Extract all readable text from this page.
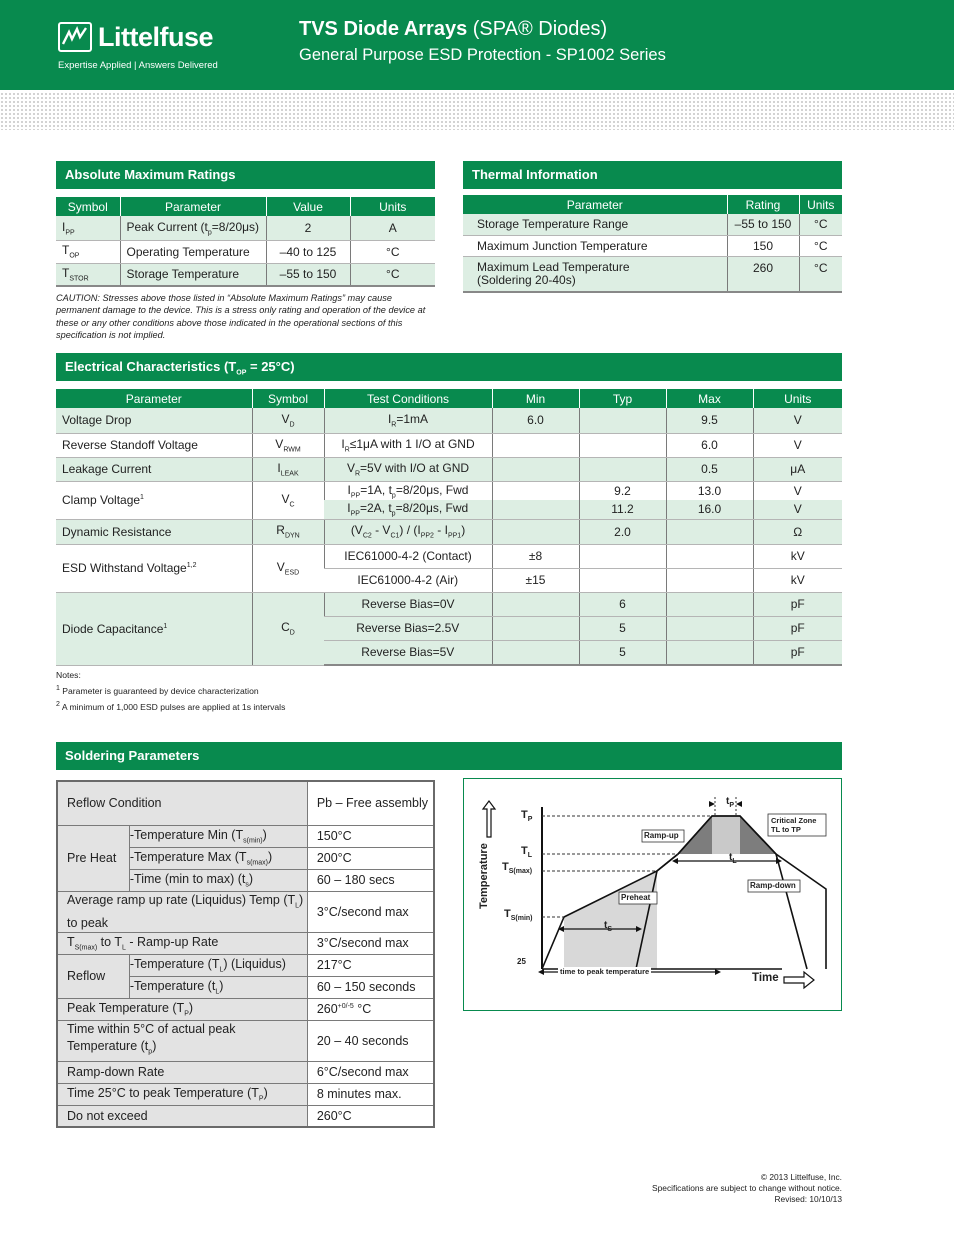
Littelfuse
Expertise Applied | Answers Delivered
TVS Diode Arrays (SPA® Diodes)
General Purpose ESD Protection - SP1002 Series
Absolute Maximum Ratings
Symbol	Parameter	Value	Units
$I_{PP}$	Peak Current $(t_p=8/20\mu s)$	2	A
$T_{OP}$	Operating Temperature	–40 to 125	°C
$T_{STOR}$	Storage Temperature	–55 to 150	°C
CAUTION: Stresses above those listed in “Absolute Maximum Ratings” may cause permanent damage to the device. This is a stress only rating and operation of the device at these or any other conditions above those indicated in the operational sections of this specification is not implied.
Thermal Information
Parameter	Rating	Units
Storage Temperature Range	–55 to 150	°C
Maximum Junction Temperature	150	°C

Maximum Lead Temperature
(Soldering 20-40s)	260	°C
Electrical Characteristics $(T_{OP} = 25^\circ C)$
Parameter	Symbol	Test Conditions	Min	Typ	Max	Units
Voltage Drop	$V_D$	$I_R=1mA$	6.0		9.5	V
Reverse Standoff Voltage	$V_{RWM}$	$I_R\le 1\mu A$ with 1 I/O at GND			6.0	V
Leakage Current	$I_{LEAK}$	$V_R=5V$ with I/O at GND			0.5	μA
Clamp Voltage$^1$	$V_C$	$I_{PP}=1A$, $t_p=8/20\mu s$, Fwd		9.2	13.0	V
		$I_{PP}=2A$, $t_p=8/20\mu s$, Fwd		11.2	16.0	V
Dynamic Resistance	$R_{DYN}$	$(V_{C2} - V_{C1}) / (I_{PP2} - I_{PP1})$		2.0		Ω
ESD Withstand Voltage$^{1,2}$	$V_{ESD}$	IEC61000-4-2 (Contact)	±8			kV
		IEC61000-4-2 (Air)	±15			kV
Diode Capacitance$^1$	$C_D$	Reverse Bias=0V		6		pF
		Reverse Bias=2.5V		5		pF
		Reverse Bias=5V		5		pF
Notes:
$^1$ Parameter is guaranteed by device characterization
$^2$ A minimum of 1,000 ESD pulses are applied at 1s intervals
Soldering Parameters
Reflow Condition		Pb – Free assembly
Pre Heat	-Temperature Min $(T_{s(min)})$	150°C
	-Temperature Max $(T_{s(max)})$	200°C
	-Time (min to max) $(t_s)$	60 – 180 secs
Average ramp up rate (Liquidus) Temp $(T_L)$ to peak		3°C/second max
$T_{S(max)}$ to $T_L$ - Ramp-up Rate		3°C/second max
Reflow	-Temperature $(T_L)$ (Liquidus)	217°C
	-Temperature $(t_L)$	60 – 150 seconds
Peak Temperature $(T_P)$		$260^{+0/-5}$ °C
Time within 5°C of actual peak Temperature $(t_p)$		20 – 40 seconds
Ramp-down Rate		6°C/second max
Time 25°C to peak Temperature $(T_P)$		8 minutes max.
Do not exceed		260°C
Temperature
Time
$T_P$
$T_L$
$T_{S(max)}$
$T_{S(min)}$
25
Ramp-up
Preheat
Ramp-down
Critical Zone
TL to TP
$t_P$
$t_L$
$t_S$
time to peak temperature
© 2013 Littelfuse, Inc.
Specifications are subject to change without notice.
Revised: 10/10/13
